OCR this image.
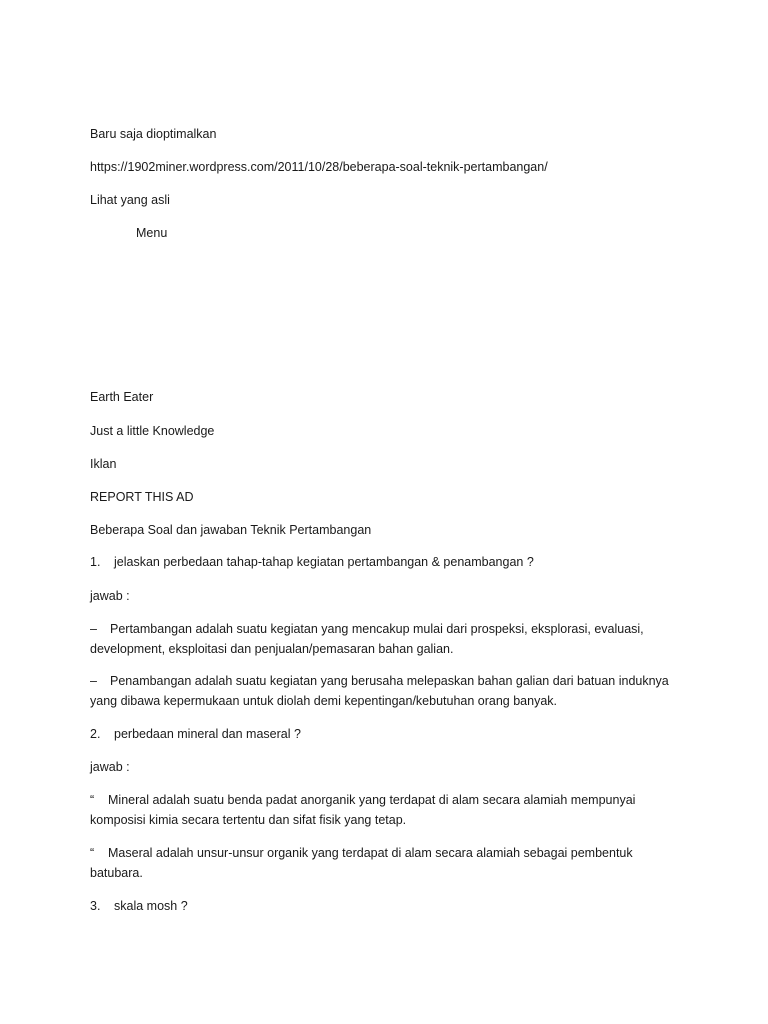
Baru saja dioptimalkan
https://1902miner.wordpress.com/2011/10/28/beberapa-soal-teknik-pertambangan/
Lihat yang asli
Menu
Earth Eater
Just a little Knowledge
Iklan
REPORT THIS AD
Beberapa Soal dan jawaban Teknik Pertambangan
1. jelaskan perbedaan tahap-tahap kegiatan pertambangan & penambangan ?
jawab :
– Pertambangan adalah suatu kegiatan yang mencakup mulai dari prospeksi, eksplorasi, evaluasi, development, eksploitasi dan penjualan/pemasaran bahan galian.
– Penambangan adalah suatu kegiatan yang berusaha melepaskan bahan galian dari batuan induknya yang dibawa kepermukaan untuk diolah demi kepentingan/kebutuhan orang banyak.
2. perbedaan mineral dan maseral ?
jawab :
“ Mineral adalah suatu benda padat anorganik yang terdapat di alam secara alamiah mempunyai komposisi kimia secara tertentu dan sifat fisik yang tetap.
“ Maseral adalah unsur-unsur organik yang terdapat di alam secara alamiah sebagai pembentuk batubara.
3. skala mosh ?
